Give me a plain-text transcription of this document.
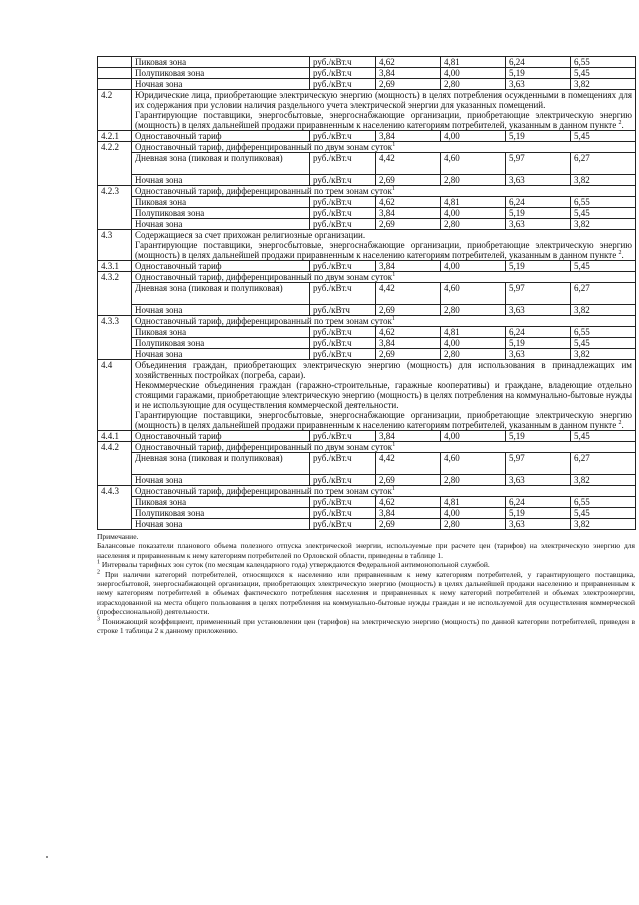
	Пиковая зона	руб./кВт.ч	4,62	4,81	6,24	6,55
	Полупиковая зона	руб./кВт.ч	3,84	4,00	5,19	5,45
	Ночная зона	руб./кВт.ч	2,69	2,80	3,63	3,82
4.2	Юридические лица, приобретающие электрическую энергию (мощность) в целях потребления осужденными в помещениях для их содержания при условии наличия раздельного учета электрической энергии для указанных помещений.
Гарантирующие поставщики, энергосбытовые, энергоснабжающие организации, приобретающие электрическую энергию (мощность) в целях дальнейшей продажи приравненным к населению категориям потребителей, указанным в данном пункте $^2$.					

4.2.1	Одноставочный тариф	руб./кВт.ч	3,84	4,00	5,19	5,45
4.2.2	Одноставочный тариф, дифференцированный по двум зонам суток$^1$
	Дневная зона (пиковая и полупиковая)	руб./кВт.ч	4,42	4,60	5,97	6,27
	Ночная зона	руб./кВт.ч	2,69	2,80	3,63	3,82
4.2.3	Одноставочный тариф, дифференцированный по трем зонам суток$^1$
	Пиковая зона	руб./кВт.ч	4,62	4,81	6,24	6,55
	Полупиковая зона	руб./кВт.ч	3,84	4,00	5,19	5,45
	Ночная зона	руб./кВт.ч	2,69	2,80	3,63	3,82
4.3	Содержащиеся за счет прихожан религиозные организации.
Гарантирующие поставщики, энергосбытовые, энергоснабжающие организации, приобретающие электрическую энергию (мощность) в целях дальнейшей продажи приравненным к населению категориям потребителей, указанным в данном пункте $^2$.					

4.3.1	Одноставочный тариф	руб./кВт.ч	3,84	4,00	5,19	5,45
4.3.2	Одноставочный тариф, дифференцированный по двум зонам суток$^1$
	Дневная зона (пиковая и полупиковая)	руб./кВт.ч	4,42	4,60	5,97	6,27
	Ночная зона	руб./кВтч	2,69	2,80	3,63	3,82
4.3.3	Одноставочный тариф, дифференцированный по трем зонам суток$^1$
	Пиковая зона	руб./кВт.ч	4,62	4,81	6,24	6,55
	Полупиковая зона	руб./кВт.ч	3,84	4,00	5,19	5,45
	Ночная зона	руб./кВт.ч	2,69	2,80	3,63	3,82
4.4	Объединения граждан, приобретающих электрическую энергию (мощность) для использования в принадлежащих им хозяйственных постройках (погреба, сараи).
Некоммерческие объединения граждан (гаражно-строительные, гаражные кооперативы) и граждане, владеющие отдельно стоящими гаражами, приобретающие электрическую энергию (мощность) в целях потребления на коммунально-бытовые нужды и не использующие для осуществления коммерческой деятельности.
Гарантирующие поставщики, энергосбытовые, энергоснабжающие организации, приобретающие электрическую энергию (мощность) в целях дальнейшей продажи приравненным к населению категориям потребителей, указанным в данном пункте $^2$.					

4.4.1	Одноставочный тариф	руб./кВт.ч	3,84	4,00	5,19	5,45
4.4.2	Одноставочный тариф, дифференцированный по двум зонам суток$^1$
	Дневная зона (пиковая и полупиковая)	руб./кВт.ч	4,42	4,60	5,97	6,27
	Ночная зона	руб./кВт.ч	2,69	2,80	3,63	3,82
4.4.3	Одноставочный тариф, дифференцированный по трем зонам суток$^1$
	Пиковая зона	руб./кВт.ч	4,62	4,81	6,24	6,55
	Полупиковая зона	руб./кВт.ч	3,84	4,00	5,19	5,45
	Ночная зона	руб./кВт.ч	2,69	2,80	3,63	3,82

Примечание.

Балансовые показатели планового объема полезного отпуска электрической энергии, используемые при расчете цен (тарифов) на электрическую энергию для населения и приравненным к нему категориям потребителей по Орловской области, приведены в таблице 1.

$^1$ Интервалы тарифных зон суток (по месяцам календарного года) утверждаются Федеральной антимонопольной службой.

$^2$ При наличии категорий потребителей, относящихся к населению или приравненным к нему категориям потребителей, у гарантирующего поставщика, энергосбытовой, энергоснабжающей организации, приобретающих электрическую энергию (мощность) в целях дальнейшей продажи населению и приравненным к нему категориям потребителей в объемах фактического потребления населения и приравненных к нему категорий потребителей и объемах электроэнергии, израсходованной на места общего пользования в целях потребления на коммунально-бытовые нужды граждан и не используемой для осуществления коммерческой (профессиональной) деятельности.

$^3$ Понижающий коэффициент, примененный при установлении цен (тарифов) на электрическую энергию (мощность) по данной категории потребителей, приведен в строке 1 таблицы 2 к данному приложению.
